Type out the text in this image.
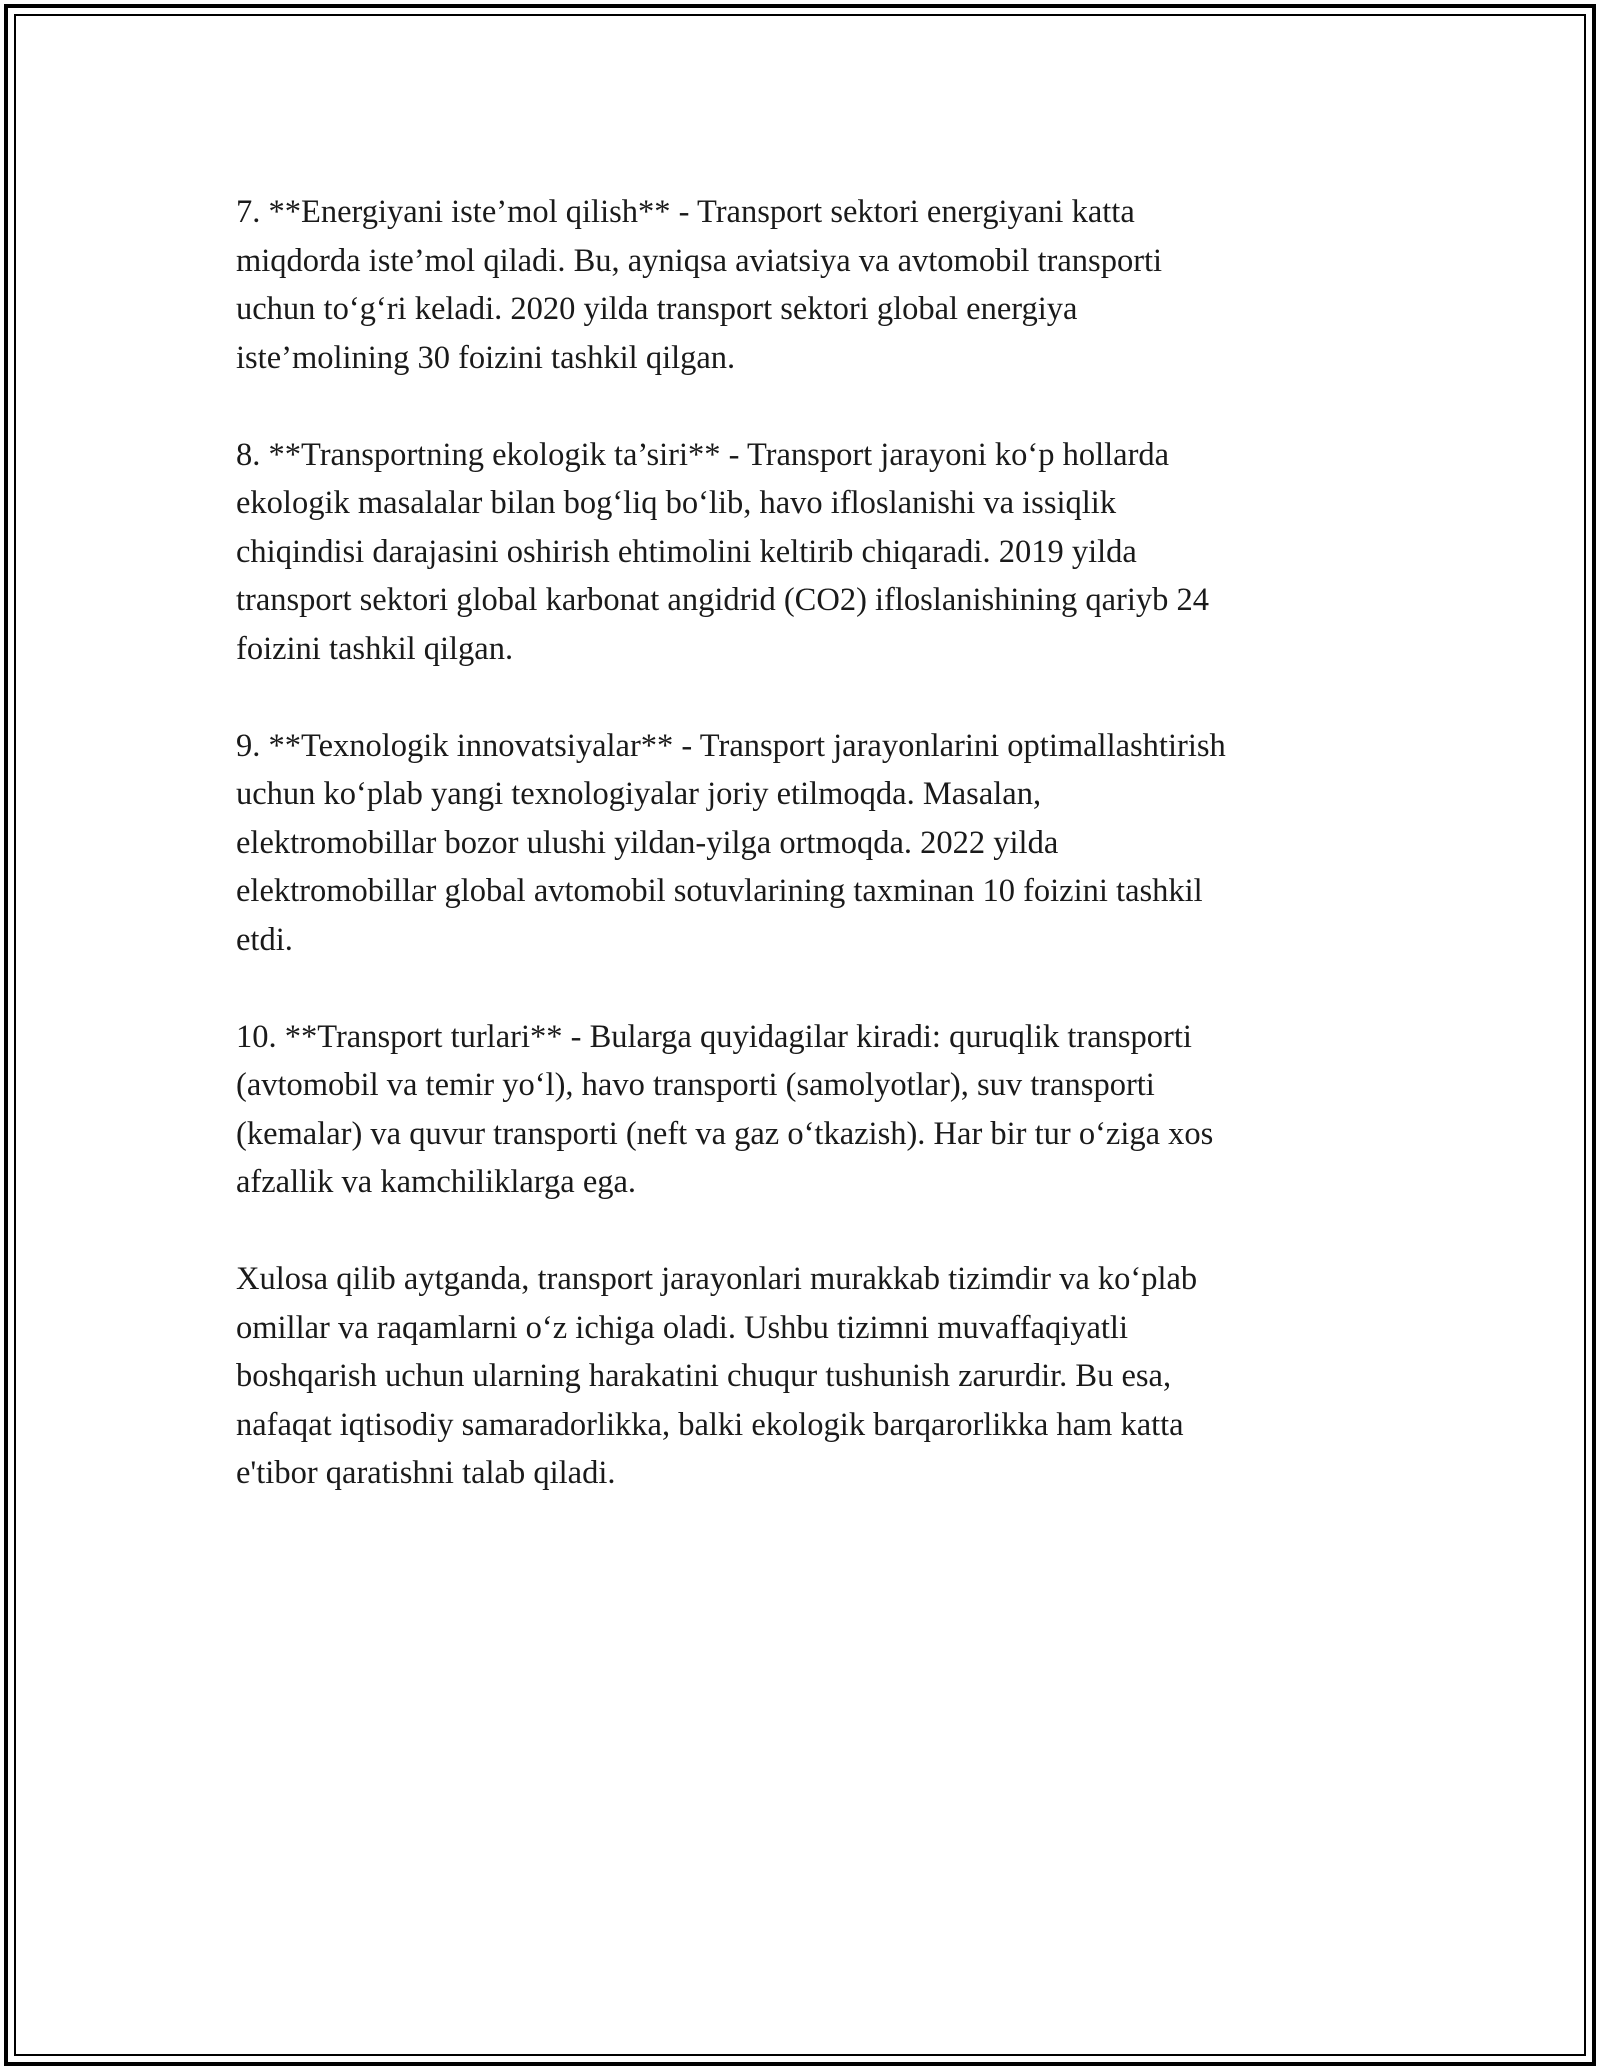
7. **Energiyani iste’mol qilish** - Transport sektori energiyani katta
miqdorda iste’mol qiladi. Bu, ayniqsa aviatsiya va avtomobil transporti
uchun to‘g‘ri keladi. 2020 yilda transport sektori global energiya
iste’molining 30 foizini tashkil qilgan.

8. **Transportning ekologik ta’siri** - Transport jarayoni ko‘p hollarda
ekologik masalalar bilan bog‘liq bo‘lib, havo ifloslanishi va issiqlik
chiqindisi darajasini oshirish ehtimolini keltirib chiqaradi. 2019 yilda
transport sektori global karbonat angidrid (CO2) ifloslanishining qariyb 24
foizini tashkil qilgan.

9. **Texnologik innovatsiyalar** - Transport jarayonlarini optimallashtirish
uchun ko‘plab yangi texnologiyalar joriy etilmoqda. Masalan,
elektromobillar bozor ulushi yildan-yilga ortmoqda. 2022 yilda
elektromobillar global avtomobil sotuvlarining taxminan 10 foizini tashkil
etdi.

10. **Transport turlari** - Bularga quyidagilar kiradi: quruqlik transporti
(avtomobil va temir yo‘l), havo transporti (samolyotlar), suv transporti
(kemalar) va quvur transporti (neft va gaz o‘tkazish). Har bir tur o‘ziga xos
afzallik va kamchiliklarga ega.

Xulosa qilib aytganda, transport jarayonlari murakkab tizimdir va ko‘plab
omillar va raqamlarni o‘z ichiga oladi. Ushbu tizimni muvaffaqiyatli
boshqarish uchun ularning harakatini chuqur tushunish zarurdir. Bu esa,
nafaqat iqtisodiy samaradorlikka, balki ekologik barqarorlikka ham katta
e'tibor qaratishni talab qiladi.
